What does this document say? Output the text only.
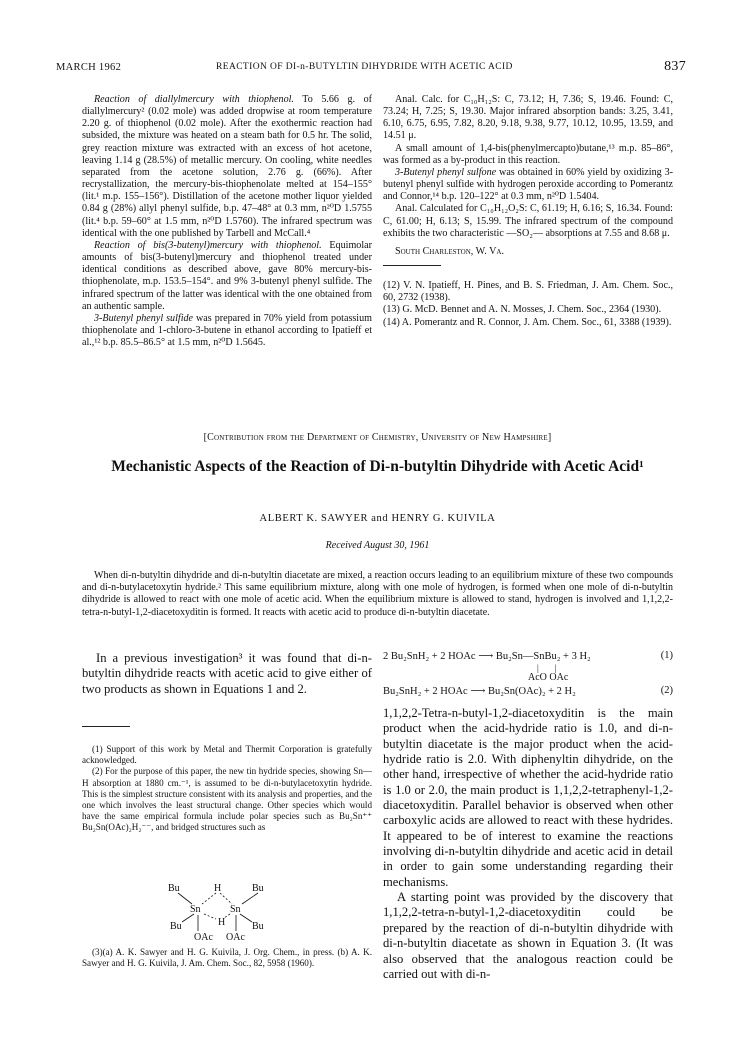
MARCH 1962	REACTION OF DI-n-BUTYLTIN DIHYDRIDE WITH ACETIC ACID	837

Reaction of diallylmercury with thiophenol. To 5.66 g. of diallylmercury² (0.02 mole) was added dropwise at room temperature 2.20 g. of thiophenol (0.02 mole). After the exothermic reaction had subsided, the mixture was heated on a steam bath for 0.5 hr. The solid, grey reaction mixture was extracted with an excess of hot acetone, leaving 1.14 g (28.5%) of metallic mercury. On cooling, white needles separated from the acetone solution, 2.76 g. (66%). After recrystallization, the mercury-bis-thiophenolate melted at 154–155° (lit.¹ m.p. 155–156°). Distillation of the acetone mother liquor yielded 0.84 g (28%) allyl phenyl sulfide, b.p. 47–48° at 0.3 mm, n²⁰D 1.5755 (lit.⁴ b.p. 59–60° at 1.5 mm, n²⁰D 1.5760). The infrared spectrum was identical with the one published by Tarbell and McCall.⁴

Reaction of bis(3-butenyl)mercury with thiophenol. Equimolar amounts of bis(3-butenyl)mercury and thiophenol treated under identical conditions as described above, gave 80% mercury-bis-thiophenolate, m.p. 153.5–154°. and 9% 3-butenyl phenyl sulfide. The infrared spectrum of the latter was identical with the one obtained from an authentic sample.

3-Butenyl phenyl sulfide was prepared in 70% yield from potassium thiophenolate and 1-chloro-3-butene in ethanol according to Ipatieff et al.,¹² b.p. 85.5–86.5° at 1.5 mm, n²⁰D 1.5645.

Anal. Calc. for C₁₀H₁₂S: C, 73.12; H, 7.36; S, 19.46. Found: C, 73.24; H, 7.25; S, 19.30. Major infrared absorption bands: 3.25, 3.41, 6.10, 6.75, 6.95, 7.82, 8.20, 9.18, 9.38, 9.77, 10.12, 10.95, 13.59, and 14.51 μ.

A small amount of 1,4-bis(phenylmercapto)butane,¹³ m.p. 85–86°, was formed as a by-product in this reaction.

3-Butenyl phenyl sulfone was obtained in 60% yield by oxidizing 3-butenyl phenyl sulfide with hydrogen peroxide according to Pomerantz and Connor,¹⁴ b.p. 120–122° at 0.3 mm, n²⁰D 1.5404.

Anal. Calculated for C₁₀H₁₂O₂S: C, 61.19; H, 6.16; S, 16.34. Found: C, 61.00; H, 6.13; S, 15.99. The infrared spectrum of the compound exhibits the two characteristic —SO₂— absorptions at 7.55 and 8.68 μ.

South Charleston, W. Va.

(12) V. N. Ipatieff, H. Pines, and B. S. Friedman, J. Am. Chem. Soc., 60, 2732 (1938).

(13) G. McD. Bennet and A. N. Mosses, J. Chem. Soc., 2364 (1930).

(14) A. Pomerantz and R. Connor, J. Am. Chem. Soc., 61, 3388 (1939).

[Contribution from the Department of Chemistry, University of New Hampshire]
Mechanistic Aspects of the Reaction of Di-n-butyltin Dihydride with Acetic Acid¹
ALBERT K. SAWYER and HENRY G. KUIVILA
Received August 30, 1961

When di-n-butyltin dihydride and di-n-butyltin diacetate are mixed, a reaction occurs leading to an equilibrium mixture of these two compounds and di-n-butylacetoxytin hydride.² This same equilibrium mixture, along with one mole of hydrogen, is formed when one mole of di-n-butyltin dihydride is allowed to react with one mole of acetic acid. When the equilibrium mixture is allowed to stand, hydrogen is involved and 1,1,2,2-tetra-n-butyl-1,2-diacetoxyditin is formed. It reacts with acetic acid to produce di-n-butyltin diacetate.

In a previous investigation³ it was found that di-n-butyltin dihydride reacts with acetic acid to give either of two products as shown in Equations 1 and 2.

(1) Support of this work by Metal and Thermit Corporation is gratefully acknowledged.

(2) For the purpose of this paper, the new tin hydride species, showing Sn—H absorption at 1880 cm.⁻¹, is assumed to be di-n-butylacetoxytin hydride. This is the simplest structure consistent with its analysis and properties, and the one which involves the least structural change. Other species which would have the same empirical formula include polar species such as Bu₂Sn⁺⁺ Bu₂Sn(OAc)₂H₂⁻⁻, and bridged structures such as

Bu	H	Bu
Sn	Sn
H
Bu	Bu
OAc OAc

(3)(a) A. K. Sawyer and H. G. Kuivila, J. Org. Chem., in press. (b) A. K. Sawyer and H. G. Kuivila, J. Am. Chem. Soc., 82, 5958 (1960).

2 Bu₂SnH₂ + 2 HOAc ⟶ Bu₂Sn—SnBu₂ + 3 H₂	(1)
|       |
AcO OAc
Bu₂SnH₂ + 2 HOAc ⟶ Bu₂Sn(OAc)₂ + 2 H₂	(2)

1,1,2,2-Tetra-n-butyl-1,2-diacetoxyditin is the main product when the acid-hydride ratio is 1.0, and di-n-butyltin diacetate is the major product when the acid-hydride ratio is 2.0. With diphenyltin dihydride, on the other hand, irrespective of whether the acid-hydride ratio is 1.0 or 2.0, the main product is 1,1,2,2-tetraphenyl-1,2-diacetoxyditin. Parallel behavior is observed when other carboxylic acids are allowed to react with these hydrides. It appeared to be of interest to examine the reactions involving di-n-butyltin dihydride and acetic acid in detail in order to gain some understanding regarding their mechanisms.

A starting point was provided by the discovery that 1,1,2,2-tetra-n-butyl-1,2-diacetoxyditin could be prepared by the reaction of di-n-butyltin dihydride with di-n-butyltin diacetate as shown in Equation 3. (It was also observed that the analogous reaction could be carried out with di-n-
